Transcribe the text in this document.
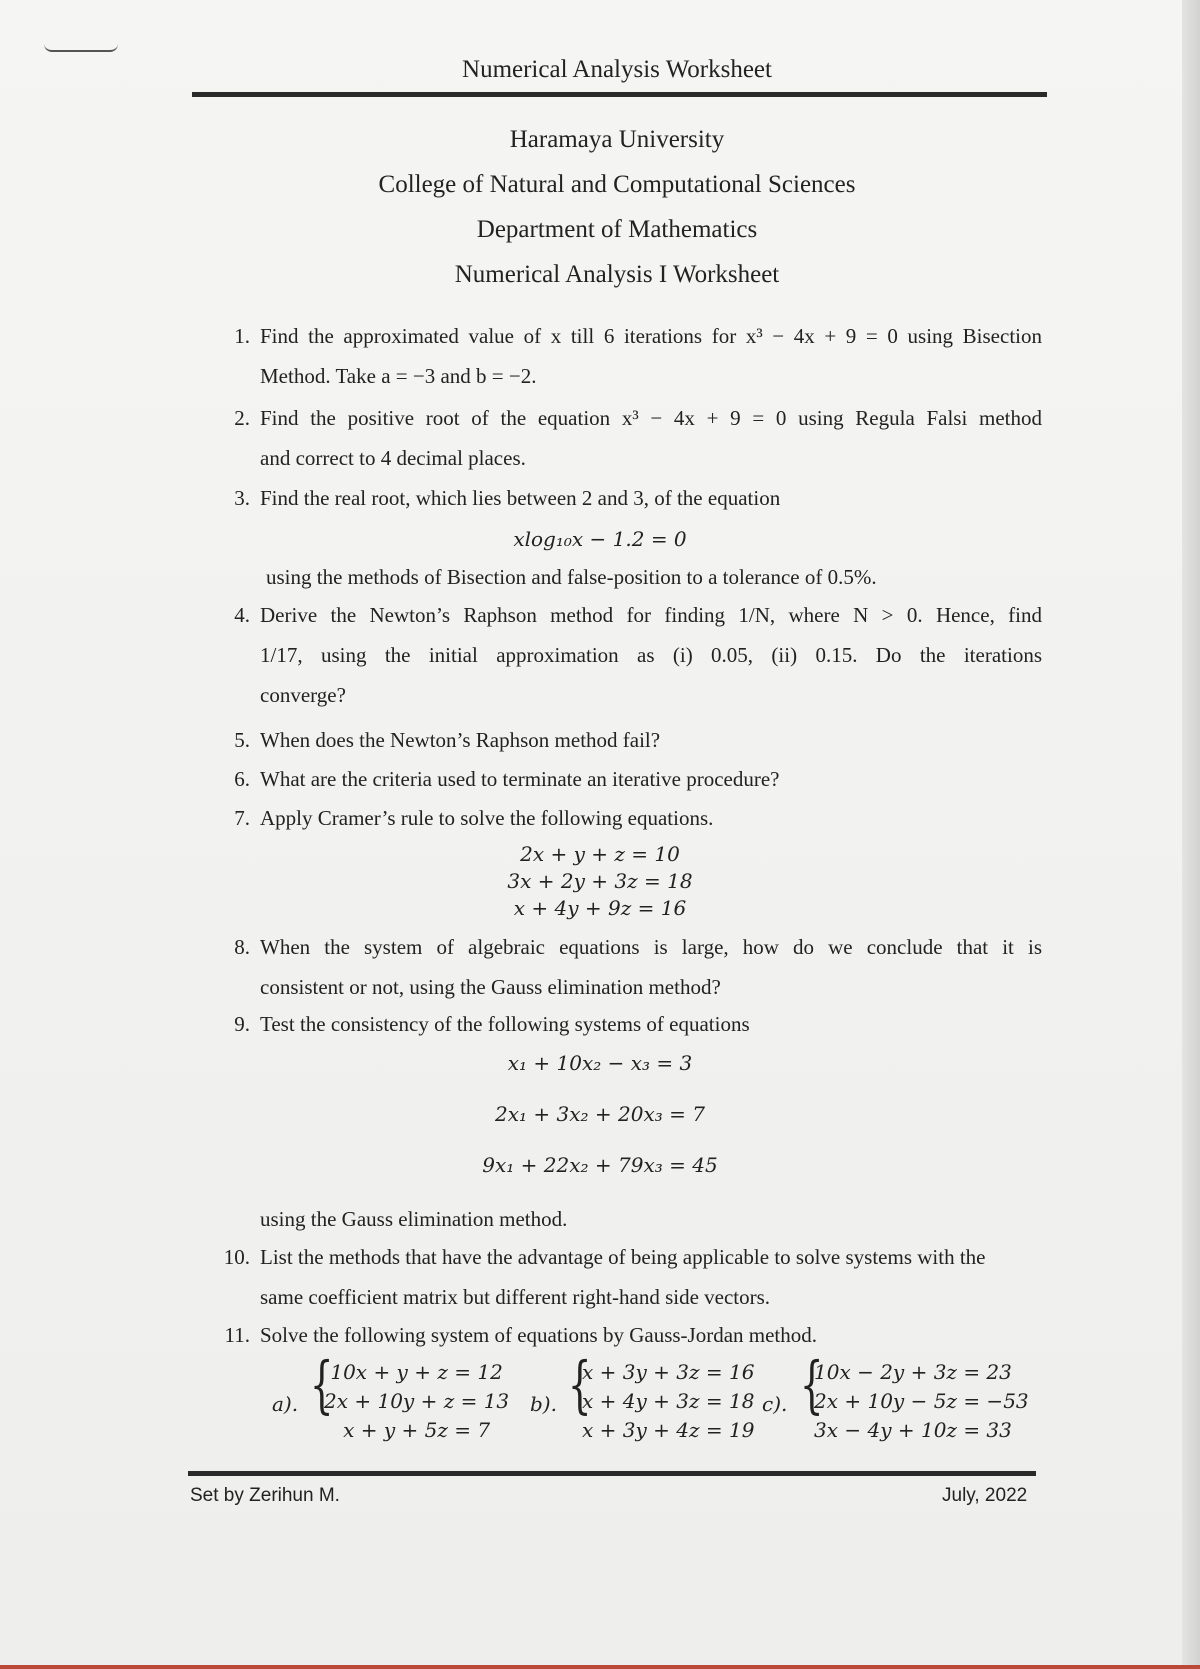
Numerical Analysis Worksheet
Haramaya University
College of Natural and Computational Sciences
Department of Mathematics
Numerical Analysis I Worksheet
1. Find the approximated value of x till 6 iterations for x³ − 4x + 9 = 0 using Bisection
Method. Take a = −3 and b = −2.
2. Find the positive root of the equation x³ − 4x + 9 = 0 using Regula Falsi method
and correct to 4 decimal places.
3. Find the real root, which lies between 2 and 3, of the equation
xlog₁₀x − 1.2 = 0
using the methods of Bisection and false-position to a tolerance of 0.5%.
4. Derive the Newton’s Raphson method for finding 1/N, where N > 0. Hence, find
1/17, using the initial approximation as (i) 0.05, (ii) 0.15. Do the iterations
converge?
5. When does the Newton’s Raphson method fail?
6. What are the criteria used to terminate an iterative procedure?
7. Apply Cramer’s rule to solve the following equations.
2x + y + z = 10
3x + 2y + 3z = 18
x + 4y + 9z = 16
8. When the system of algebraic equations is large, how do we conclude that it is
consistent or not, using the Gauss elimination method?
9. Test the consistency of the following systems of equations
x₁ + 10x₂ − x₃ = 3
2x₁ + 3x₂ + 20x₃ = 7
9x₁ + 22x₂ + 79x₃ = 45
using the Gauss elimination method.
10. List the methods that have the advantage of being applicable to solve systems with the
same coefficient matrix but different right-hand side vectors.
11. Solve the following system of equations by Gauss-Jordan method.
a). {
10x + y + z = 12
2x + 10y + z = 13
x + y + 5z = 7
b). {
x + 3y + 3z = 16
x + 4y + 3z = 18
x + 3y + 4z = 19
c). {
10x − 2y + 3z = 23
2x + 10y − 5z = −53
3x − 4y + 10z = 33
Set by Zerihun M.	July, 2022
